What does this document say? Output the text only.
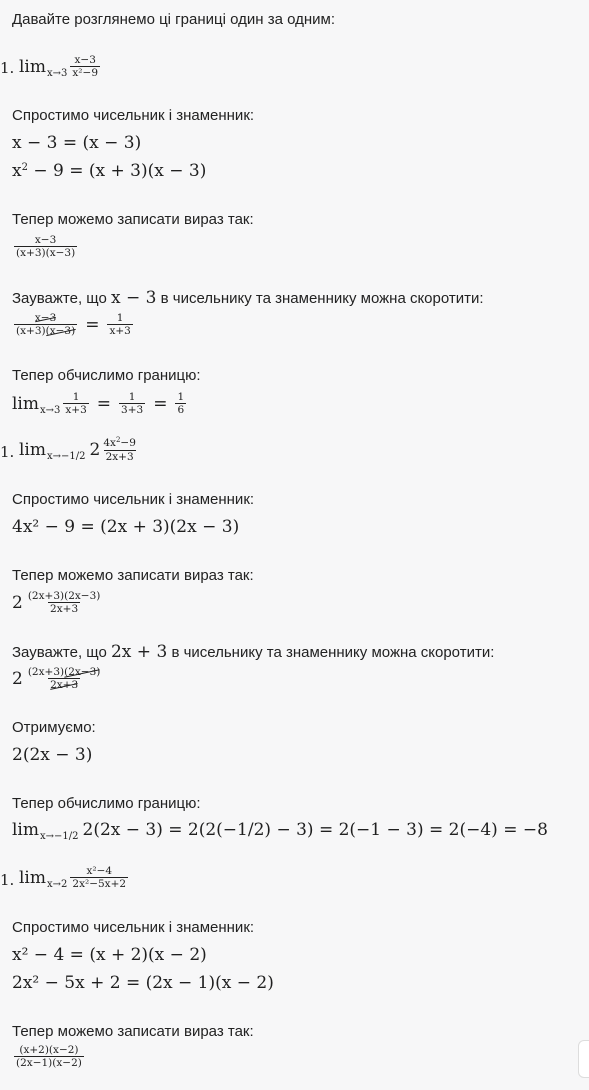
Давайте розглянемо ці границі один за одним:
1. $\lim x\to 3 \frac{x-3}{\text{x²−9}}$
Спростимо чисельник і знаменник:
x − 3 = (x − 3)
$x^2 - 9 = (x + 3)(x - 3)$
Тепер можемо записати вираз так:
$\frac{x-3}{(x+3)(x-3)}$
Зауважте, що x − 3 в чисельнику та знаменнику можна скоротити:
$\frac{x-3}{(x+3)(x-3)} = \frac{1}{x+3}$
Тепер обчислимо границю:
$\lim x\to 3 \frac{1}{x+3} = \frac{1}{3+3} = \frac{1}{6}$
1. lim x→−1/2 $2 \frac{4x^2-9}{2x+3}$
Спростимо чисельник і знаменник:
4x² − 9 = (2x + 3)(2x − 3)
Тепер можемо записати вираз так:
$2 \frac{(2x+3)(2x-3)}{2x+3}$
Зауважте, що 2x + 3 в чисельнику та знаменнику можна скоротити:
$2 \frac{(2x+3)(2x-3)}{2x+3}$
Отримуємо:
2(2x − 3)
Тепер обчислимо границю:
lim x→−1/2 2(2x − 3) = 2(2(−1/2) − 3) = 2(−1 − 3) = 2(−4) = −8
1. $\lim x\to 2 \frac{\text{x²−4}}{\text{2x²−5x+2}}$
Спростимо чисельник і знаменник:
x² − 4 = (x + 2)(x − 2)
2x² − 5x + 2 = (2x − 1)(x − 2)
Тепер можемо записати вираз так:
$\frac{(x+2)(x-2)}{(2x-1)(x-2)}$
